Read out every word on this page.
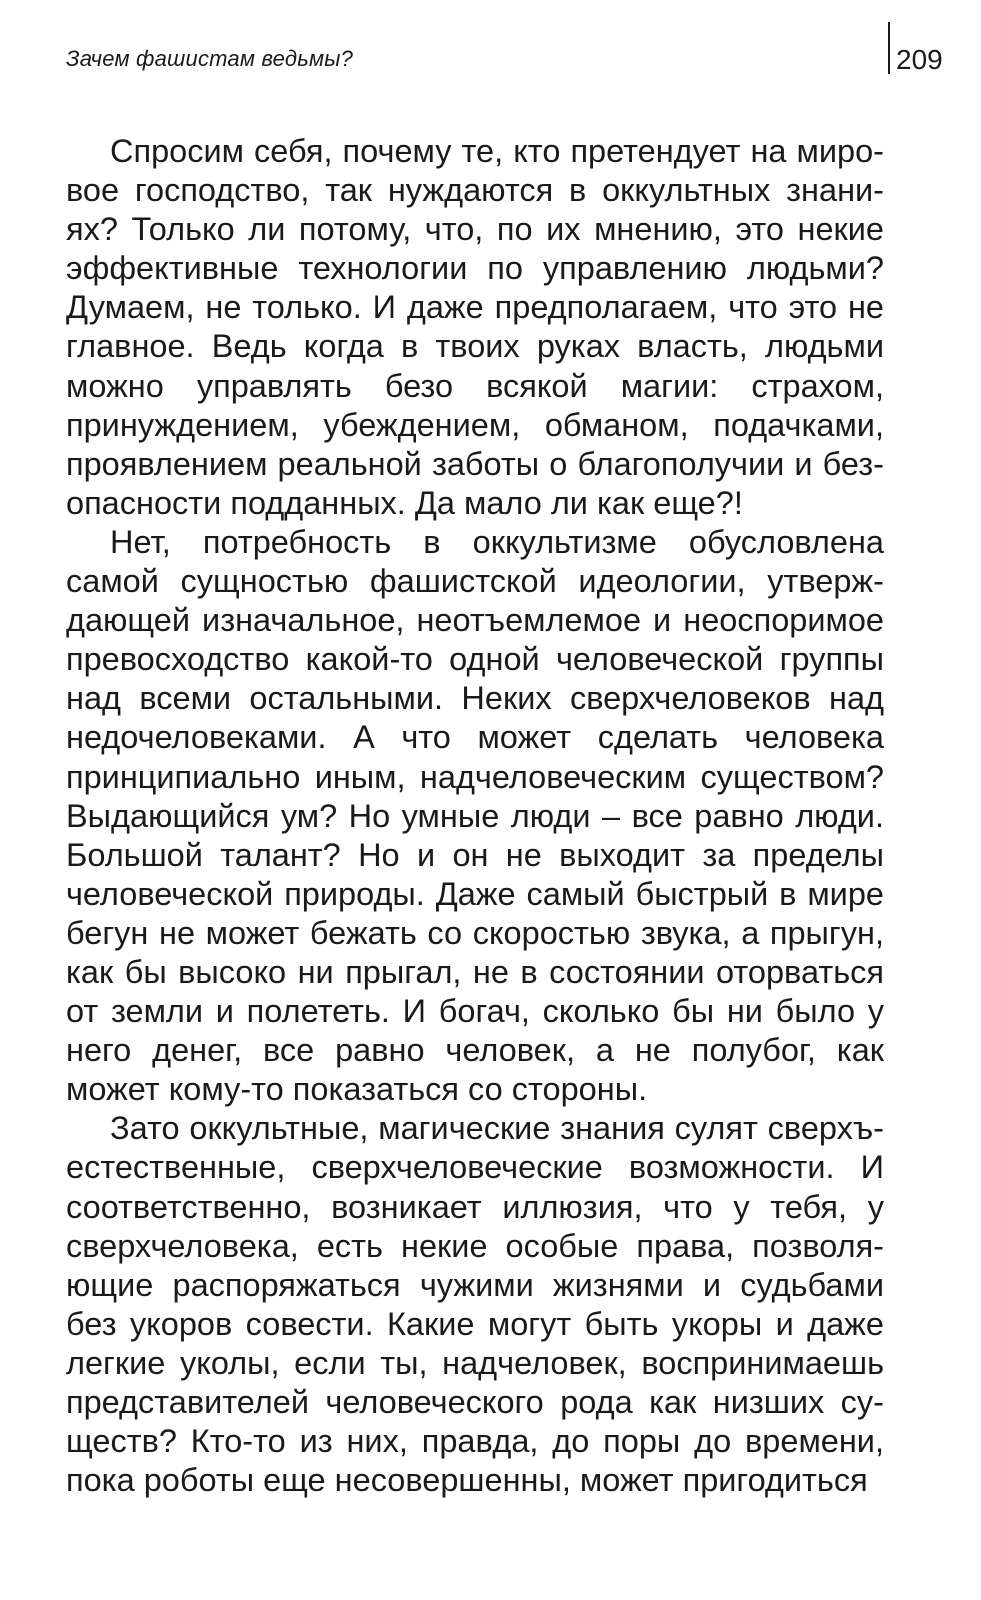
Зачем фашистам ведьмы?	209

Спросим себя, почему те, кто претендует на мировое господство, так нуждаются в оккультных знаниях? Только ли потому, что, по их мнению, это некие эффективные технологии по управлению людьми? Думаем, не только. И даже предполагаем, что это не главное. Ведь когда в твоих руках власть, людьми можно управлять безо всякой магии: страхом, принуждением, убеждением, обманом, подачками, проявлением реальной заботы о благополучии и безопасности подданных. Да мало ли как еще?!

Нет, потребность в оккультизме обусловлена самой сущностью фашистской идеологии, утверждающей изначальное, неотъемлемое и неоспоримое превосходство какой-то одной человеческой группы над всеми остальными. Неких сверхчеловеков над недочеловеками. А что может сделать человека принципиально иным, надчеловеческим существом? Выдающийся ум? Но умные люди – все равно люди. Большой талант? Но и он не выходит за пределы человеческой природы. Даже самый быстрый в мире бегун не может бежать со скоростью звука, а прыгун, как бы высоко ни прыгал, не в состоянии оторваться от земли и полететь. И богач, сколько бы ни было у него денег, все равно человек, а не полубог, как может кому-то показаться со стороны.

Зато оккультные, магические знания сулят сверхъестественные, сверхчеловеческие возможности. И соответственно, возникает иллюзия, что у тебя, у сверхчеловека, есть некие особые права, позволяющие распоряжаться чужими жизнями и судьбами без укоров совести. Какие могут быть укоры и даже легкие уколы, если ты, надчеловек, воспринимаешь представителей человеческого рода как низших существ? Кто-то из них, правда, до поры до времени, пока роботы еще несовершенны, может пригодиться
